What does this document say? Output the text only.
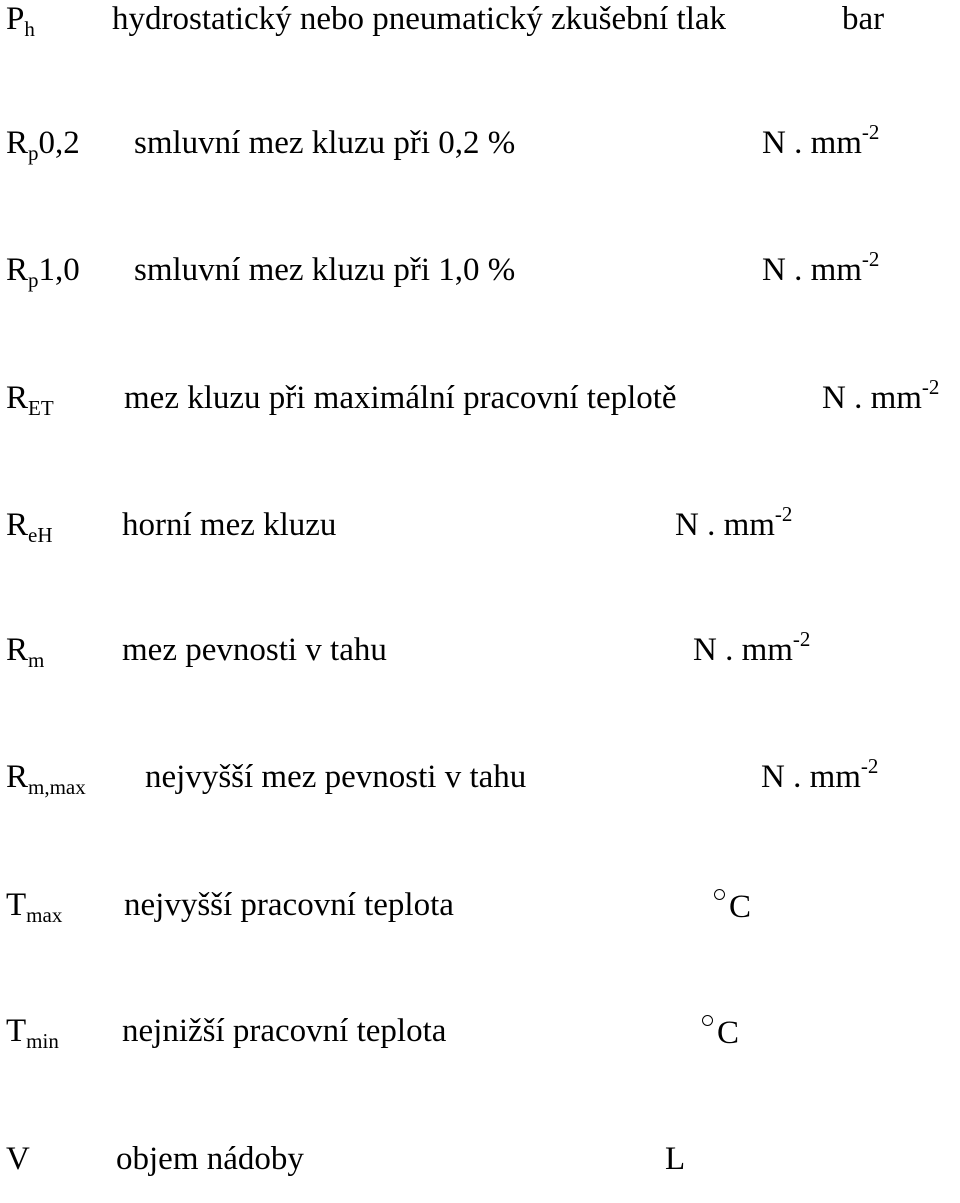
$P_h$ hydrostatický nebo pneumatický zkušební tlak	bar
$R_p0,2$ smluvní mez kluzu při 0,2 %	N . $mm^{-2}$
$R_p1,0$ smluvní mez kluzu při 1,0 %	N . $mm^{-2}$
$R_{ET}$ mez kluzu při maximální pracovní teplotě	N . $mm^{-2}$
$R_{eH}$ horní mez kluzu	N . $mm^{-2}$
$R_m$ mez pevnosti v tahu	N . $mm^{-2}$
$R_{m,max}$ nejvyšší mez pevnosti v tahu	N . $mm^{-2}$
$T_{max}$ nejvyšší pracovní teplota	C
$T_{min}$ nejnižší pracovní teplota	C
V	objem nádoby	L
